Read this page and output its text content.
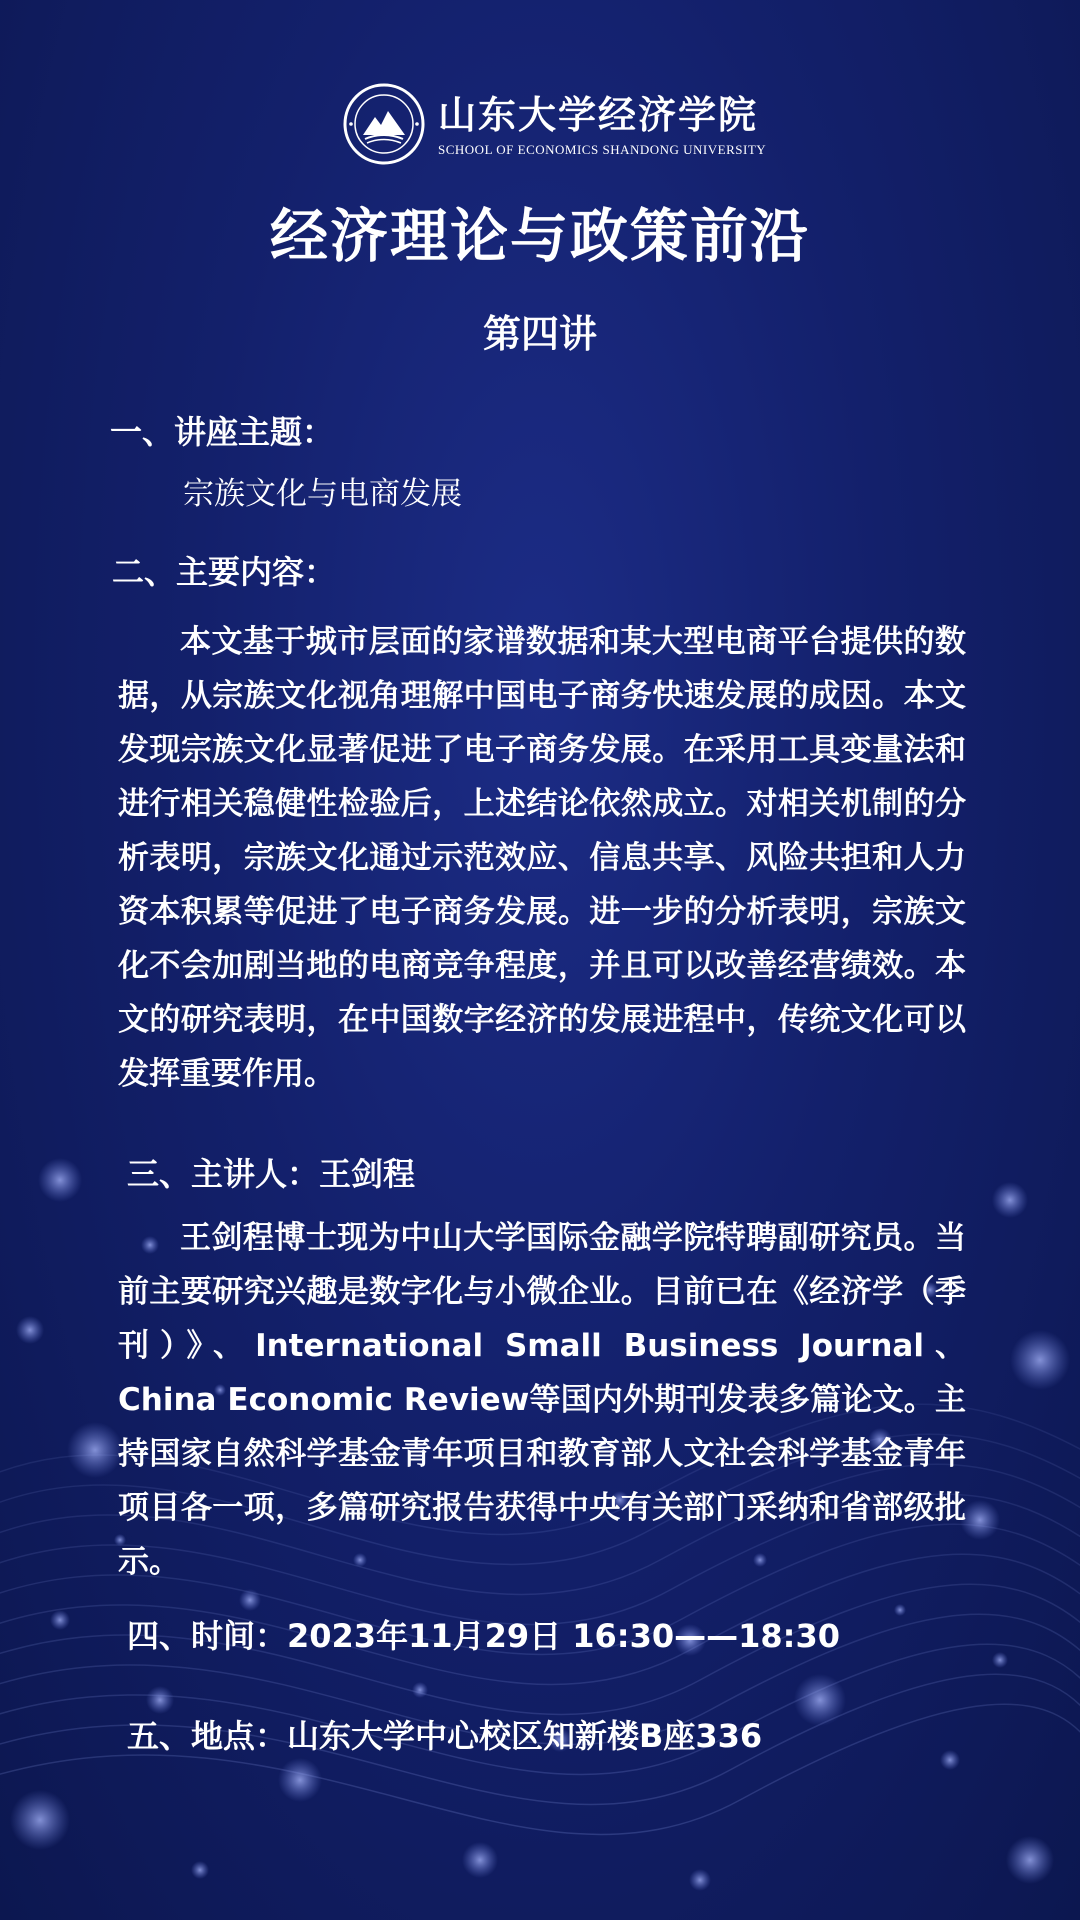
山东大学经济学院
SCHOOL OF ECONOMICS SHANDONG UNIVERSITY
经济理论与政策前沿
第四讲
一、讲座主题：
宗族文化与电商发展
二、主要内容：
本文基于城市层面的家谱数据和某大型电商平台提供的数据，从宗族文化视角理解中国电子商务快速发展的成因。本文发现宗族文化显著促进了电子商务发展。在采用工具变量法和进行相关稳健性检验后，上述结论依然成立。对相关机制的分析表明，宗族文化通过示范效应、信息共享、风险共担和人力资本积累等促进了电子商务发展。进一步的分析表明，宗族文化不会加剧当地的电商竞争程度，并且可以改善经营绩效。本文的研究表明，在中国数字经济的发展进程中，传统文化可以发挥重要作用。
三、主讲人：王剑程
王剑程博士现为中山大学国际金融学院特聘副研究员。当前主要研究兴趣是数字化与小微企业。目前已在《经济学（季刊）》、International Small Business Journal、China Economic Review等国内外期刊发表多篇论文。主持国家自然科学基金青年项目和教育部人文社会科学基金青年项目各一项，多篇研究报告获得中央有关部门采纳和省部级批示。
四、时间：2023年11月29日 16:30——18:30
五、地点：山东大学中心校区知新楼B座336
